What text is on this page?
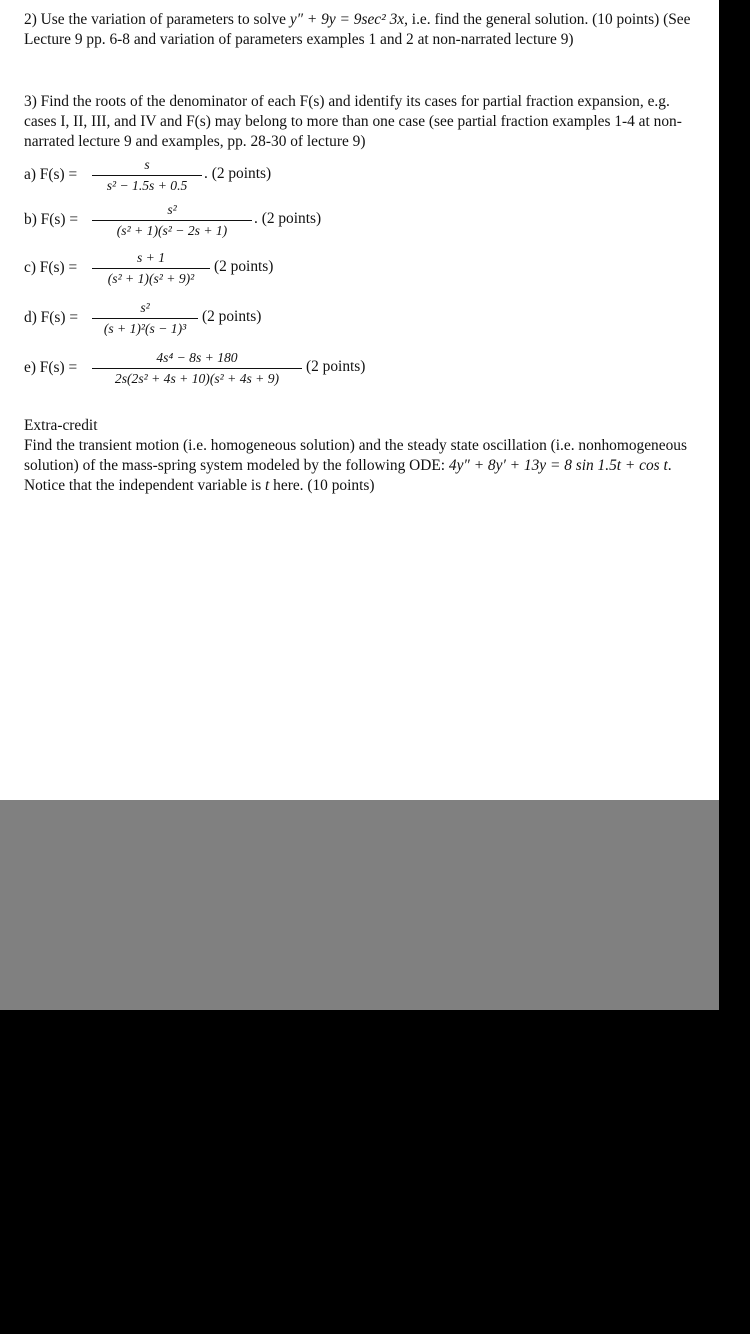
2) Use the variation of parameters to solve y″ + 9y = 9sec² 3x, i.e. find the general solution. (10 points) (See Lecture 9 pp. 6-8 and variation of parameters examples 1 and 2 at non-narrated lecture 9)
3) Find the roots of the denominator of each F(s) and identify its cases for partial fraction expansion, e.g. cases I, II, III, and IV and F(s) may belong to more than one case (see partial fraction examples 1-4 at non-narrated lecture 9 and examples, pp. 28-30 of lecture 9)
a) $F(s) = \frac{s}{\text{s² − 1.5s + 0.5}}$ . (2 points)
b) $F(s) = \frac{\text{s²}}{\text{(s² + 1)(s² − 2s + 1)}}$ . (2 points)
c) $F(s) = \frac{s + 1}{\text{(s² + 1)(s² + 9)²}} (2$ points)
d) $F(s) = \frac{\text{s²}}{\text{(s + 1)²(s − 1)³}} (2$ points)
e) $F(s) = \frac{\text{4s⁴ − 8s + 180}}{\text{2s(2s² + 4s + 10)(s² + 4s + 9)}} (2$ points)
Extra-credit
Find the transient motion (i.e. homogeneous solution) and the steady state oscillation (i.e. nonhomogeneous solution) of the mass-spring system modeled by the following ODE: 4y″ + 8y′ + 13y = 8 sin 1.5t + cos t. Notice that the independent variable is t here. (10 points)
